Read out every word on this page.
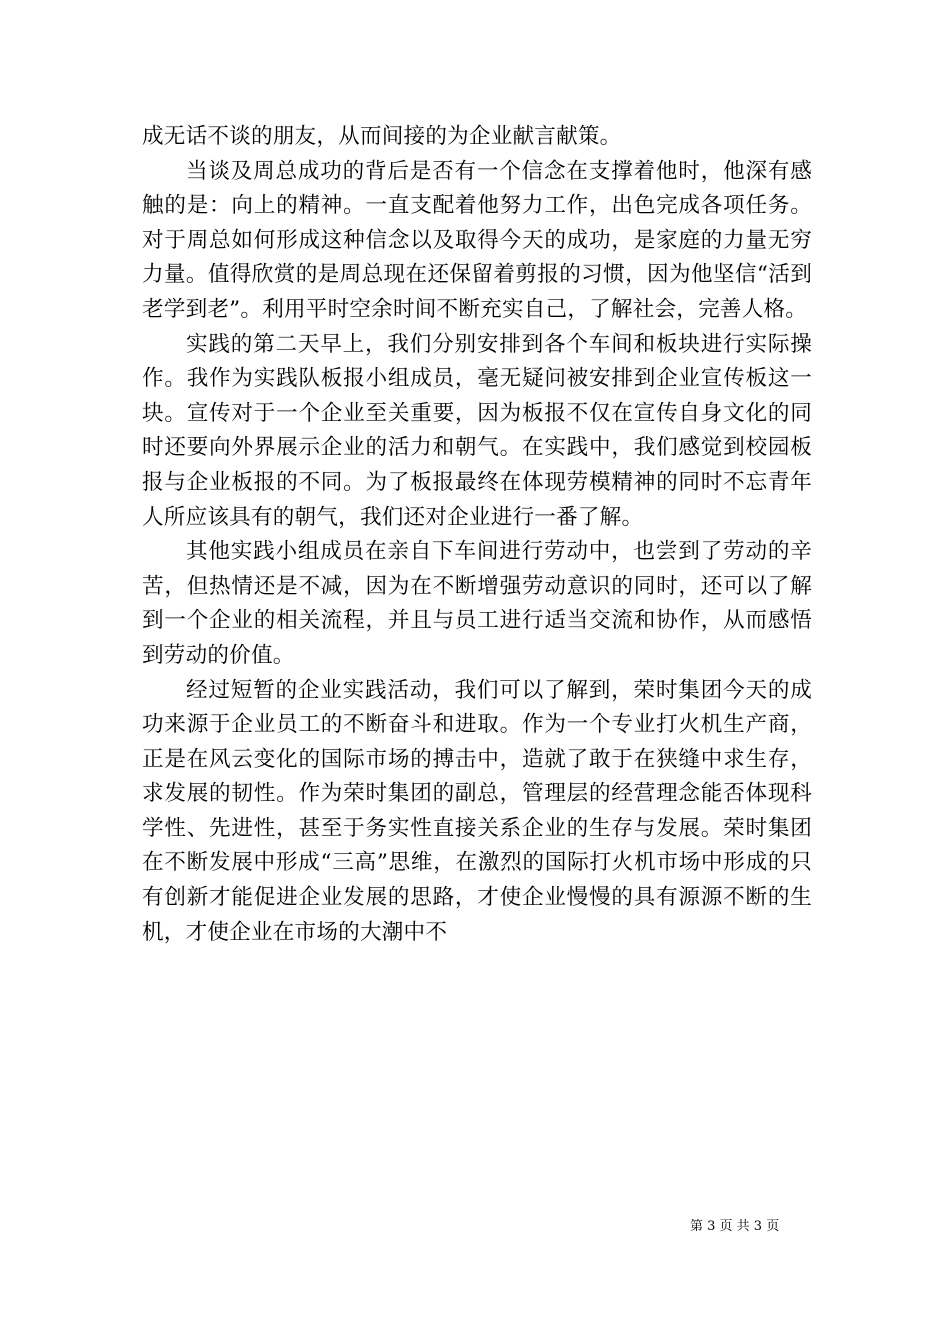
成无话不谈的朋友，从而间接的为企业献言献策。

当谈及周总成功的背后是否有一个信念在支撑着他时，他深有感触的是：向上的精神。一直支配着他努力工作，出色完成各项任务。对于周总如何形成这种信念以及取得今天的成功，是家庭的力量无穷力量。值得欣赏的是周总现在还保留着剪报的习惯，因为他坚信“活到老学到老”。利用平时空余时间不断充实自己，了解社会，完善人格。

实践的第二天早上，我们分别安排到各个车间和板块进行实际操作。我作为实践队板报小组成员，毫无疑问被安排到企业宣传板这一块。宣传对于一个企业至关重要，因为板报不仅在宣传自身文化的同时还要向外界展示企业的活力和朝气。在实践中，我们感觉到校园板报与企业板报的不同。为了板报最终在体现劳模精神的同时不忘青年人所应该具有的朝气，我们还对企业进行一番了解。

其他实践小组成员在亲自下车间进行劳动中，也尝到了劳动的辛苦，但热情还是不减，因为在不断增强劳动意识的同时，还可以了解到一个企业的相关流程，并且与员工进行适当交流和协作，从而感悟到劳动的价值。

经过短暂的企业实践活动，我们可以了解到，荣时集团今天的成功来源于企业员工的不断奋斗和进取。作为一个专业打火机生产商，正是在风云变化的国际市场的搏击中，造就了敢于在狭缝中求生存，求发展的韧性。作为荣时集团的副总，管理层的经营理念能否体现科学性、先进性，甚至于务实性直接关系企业的生存与发展。荣时集团在不断发展中形成“三高”思维，在激烈的国际打火机市场中形成的只有创新才能促进企业发展的思路，才使企业慢慢的具有源源不断的生机，才使企业在市场的大潮中不

第 3 页 共 3 页
